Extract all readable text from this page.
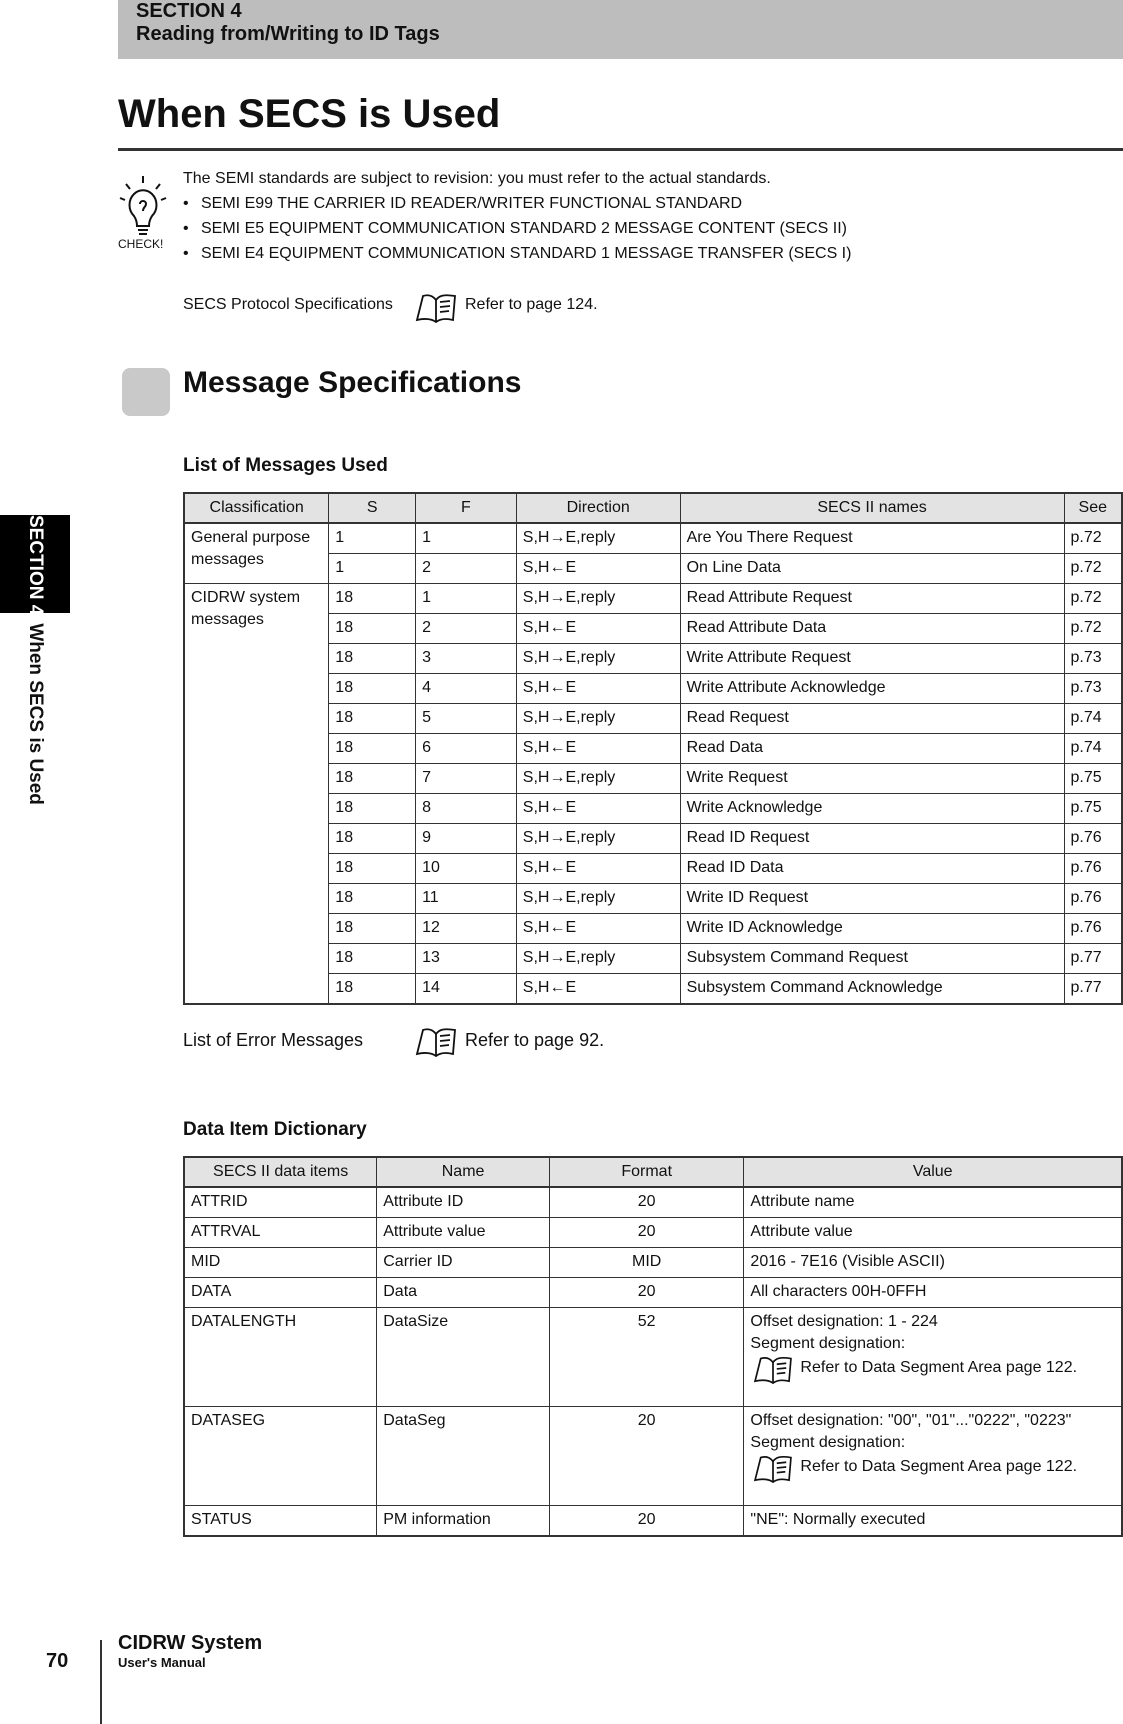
SECTION 4
Reading from/Writing to ID Tags
SECTION 4When SECS is Used
When SECS is Used
CHECK!
The SEMI standards are subject to revision: you must refer to the actual standards.
• SEMI E99 THE CARRIER ID READER/WRITER FUNCTIONAL STANDARD
• SEMI E5 EQUIPMENT COMMUNICATION STANDARD 2 MESSAGE CONTENT (SECS II)
• SEMI E4 EQUIPMENT COMMUNICATION STANDARD 1 MESSAGE TRANSFER (SECS I)
SECS Protocol Specifications	Refer to page 124.
Message Specifications
List of Messages Used
Classification	S	F	Direction	SECS II names	See
General purpose messages	1	1	S,H→E,reply	Are You There Request	p.72
	1	2	S,H←E	On Line Data	p.72
CIDRW system messages	18	1	S,H→E,reply	Read Attribute Request	p.72
	18	2	S,H←E	Read Attribute Data	p.72
	18	3	S,H→E,reply	Write Attribute Request	p.73
	18	4	S,H←E	Write Attribute Acknowledge	p.73
	18	5	S,H→E,reply	Read Request	p.74
	18	6	S,H←E	Read Data	p.74
	18	7	S,H→E,reply	Write Request	p.75
	18	8	S,H←E	Write Acknowledge	p.75
	18	9	S,H→E,reply	Read ID Request	p.76
	18	10	S,H←E	Read ID Data	p.76
	18	11	S,H→E,reply	Write ID Request	p.76
	18	12	S,H←E	Write ID Acknowledge	p.76
	18	13	S,H→E,reply	Subsystem Command Request	p.77
	18	14	S,H←E	Subsystem Command Acknowledge	p.77
List of Error Messages	Refer to page 92.
Data Item Dictionary
SECS II data items	Name	Format	Value
ATTRID	Attribute ID	20	Attribute name

ATTRVAL	Attribute value	20	Attribute value

MID	Carrier ID	MID	2016 - 7E16 (Visible ASCII)

DATA	Data	20	All characters 00H-0FFH

DATALENGTH	DataSize	52	Offset designation: 1 - 224
Segment designation:
Refer to Data Segment Area page 122.

DATASEG	DataSeg	20	Offset designation: "00", "01"..."0222", "0223"
Segment designation:
Refer to Data Segment Area page 122.

STATUS	PM information	20	"NE": Normally executed
70
CIDRW System
User's Manual
